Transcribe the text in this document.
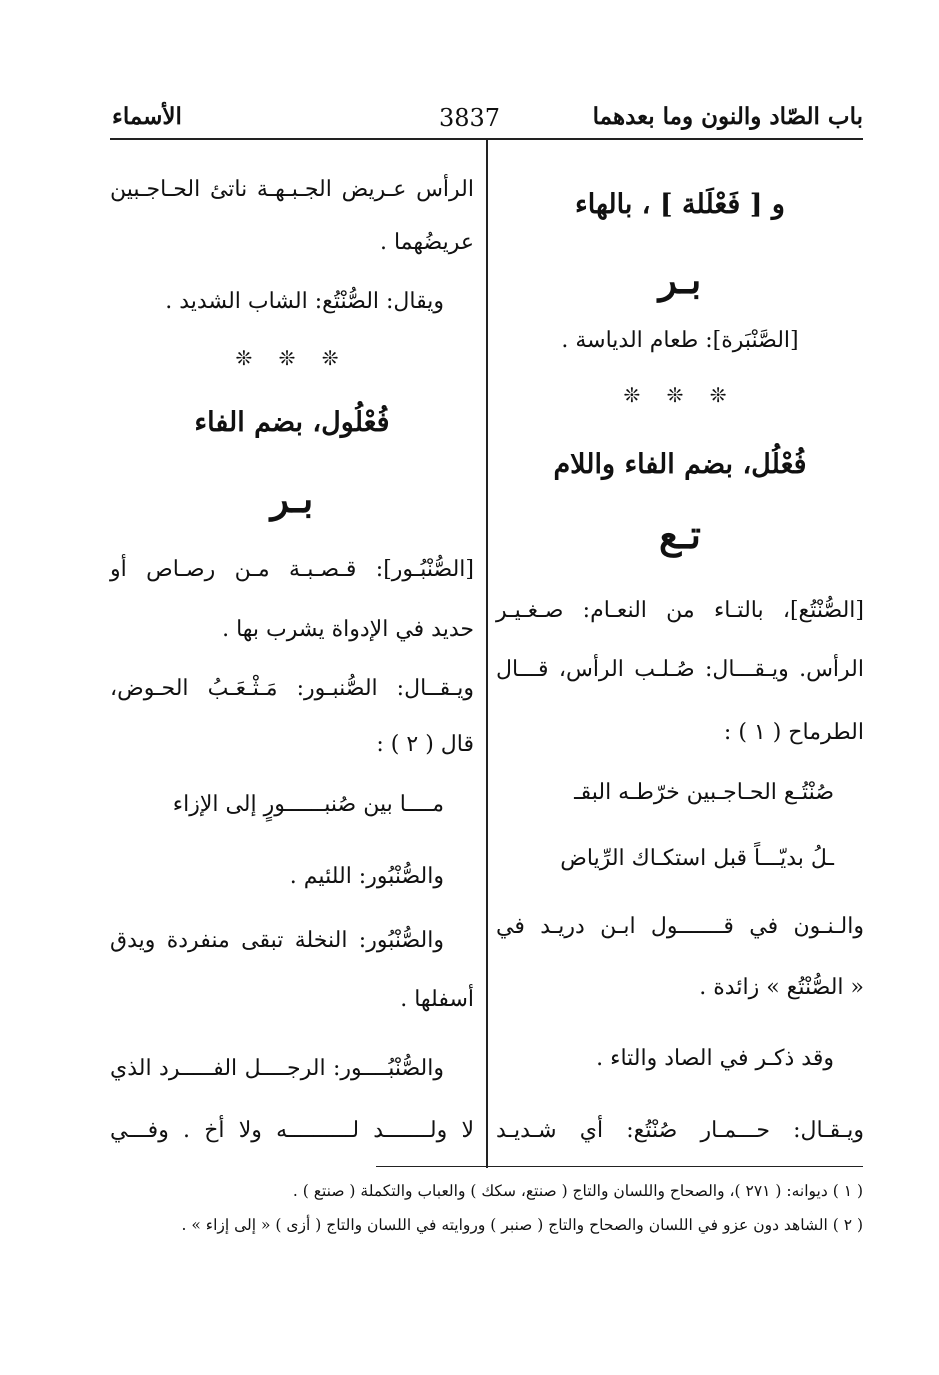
باب الصّاد والنون وما بعدهما
3837
الأسماء
و [ فَعْلَلة ] ، بالهاء
بـر
[الصَّنْبَرة]: طعام الدياسة .
❊ ❊ ❊
فُعْلُل، بضم الفاء واللام
تـع
[الصُّنْتُع]، بالتـاء من النعـام: صـغـيـر
الرأس. ويـقـــال: صُـلـب الرأس، قـــال
الطرماح ( ١ ) :
صُنْتُـع الحـاجـبين خرّطـه البقـ
ـلُ بديّـــاً قبل استكـاك الرِّياض
والـنـون في قـــــــول ابـن دريـد في
« الصُّنْتُع » زائدة .
وقد ذكـر في الصاد والتاء .
ويـقـال: حـــمـار صُنْتُع: أي شـديـد
الرأس عـريض الجـبـهـة ناتئ الحـاجـبين
عريضُهما .
ويقال: الصُّنْتُع: الشاب الشديد .
❊ ❊ ❊
فُعْلُول، بضم الفاء
بـر
[الصُّنْبُـور]: قـصـبـة مـن رصـاص أو
حديد في الإدواة يشرب بها .
ويـقــال: الصُّنبـور: مَـثْـعَـبُ الحـوض،
قال ( ٢ ) :
مــــا بين صُنبــــــورٍ إلى الإزاء
والصُّنْبُور: اللئيم .
والصُّنْبُور: النخلة تبقى منفردة ويدق
أسفلها .
والصُّنْبُــــور: الرجــــل الفـــــرد الذي
لا ولـــــــد لــــــــــه ولا أخ . وفـــي
( ١ ) ديوانه: ( ٢٧١ )، والصحاح واللسان والتاج ( صنتع، سكك ) والعباب والتكملة ( صنتع ) .
( ٢ ) الشاهد دون عزو في اللسان والصحاح والتاج ( صنبر ) وروايته في اللسان والتاج ( أزى ) « إلى إزاء » .
